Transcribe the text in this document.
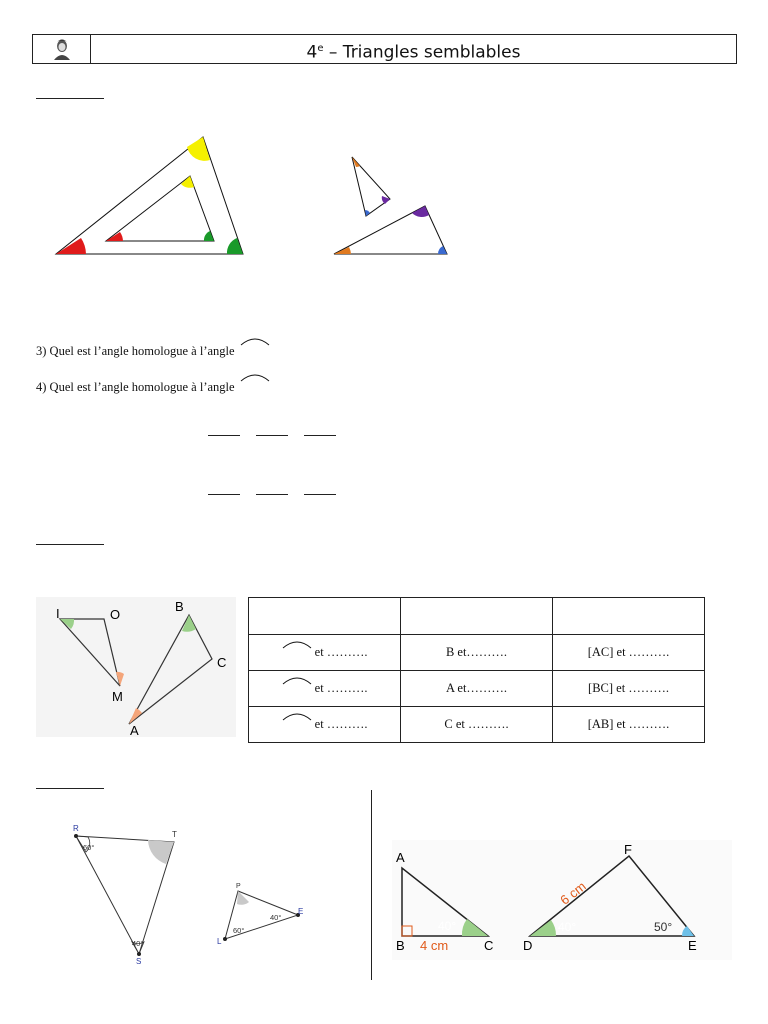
4e – Triangles semblables
3) Quel est l’angle homologue à l’angle
4) Quel est l’angle homologue à l’angle
I	O
M
A
B
C

et ……….	B et……….	[AC] et ……….
et ……….	A et……….	[BC] et ……….
et ……….	C et ……….	[AB] et ……….
R
T
S
60°
40°
P
E
L
60°
40°
A
B	C
4 cm
40°
D	E
F
6 cm
40°	50°
